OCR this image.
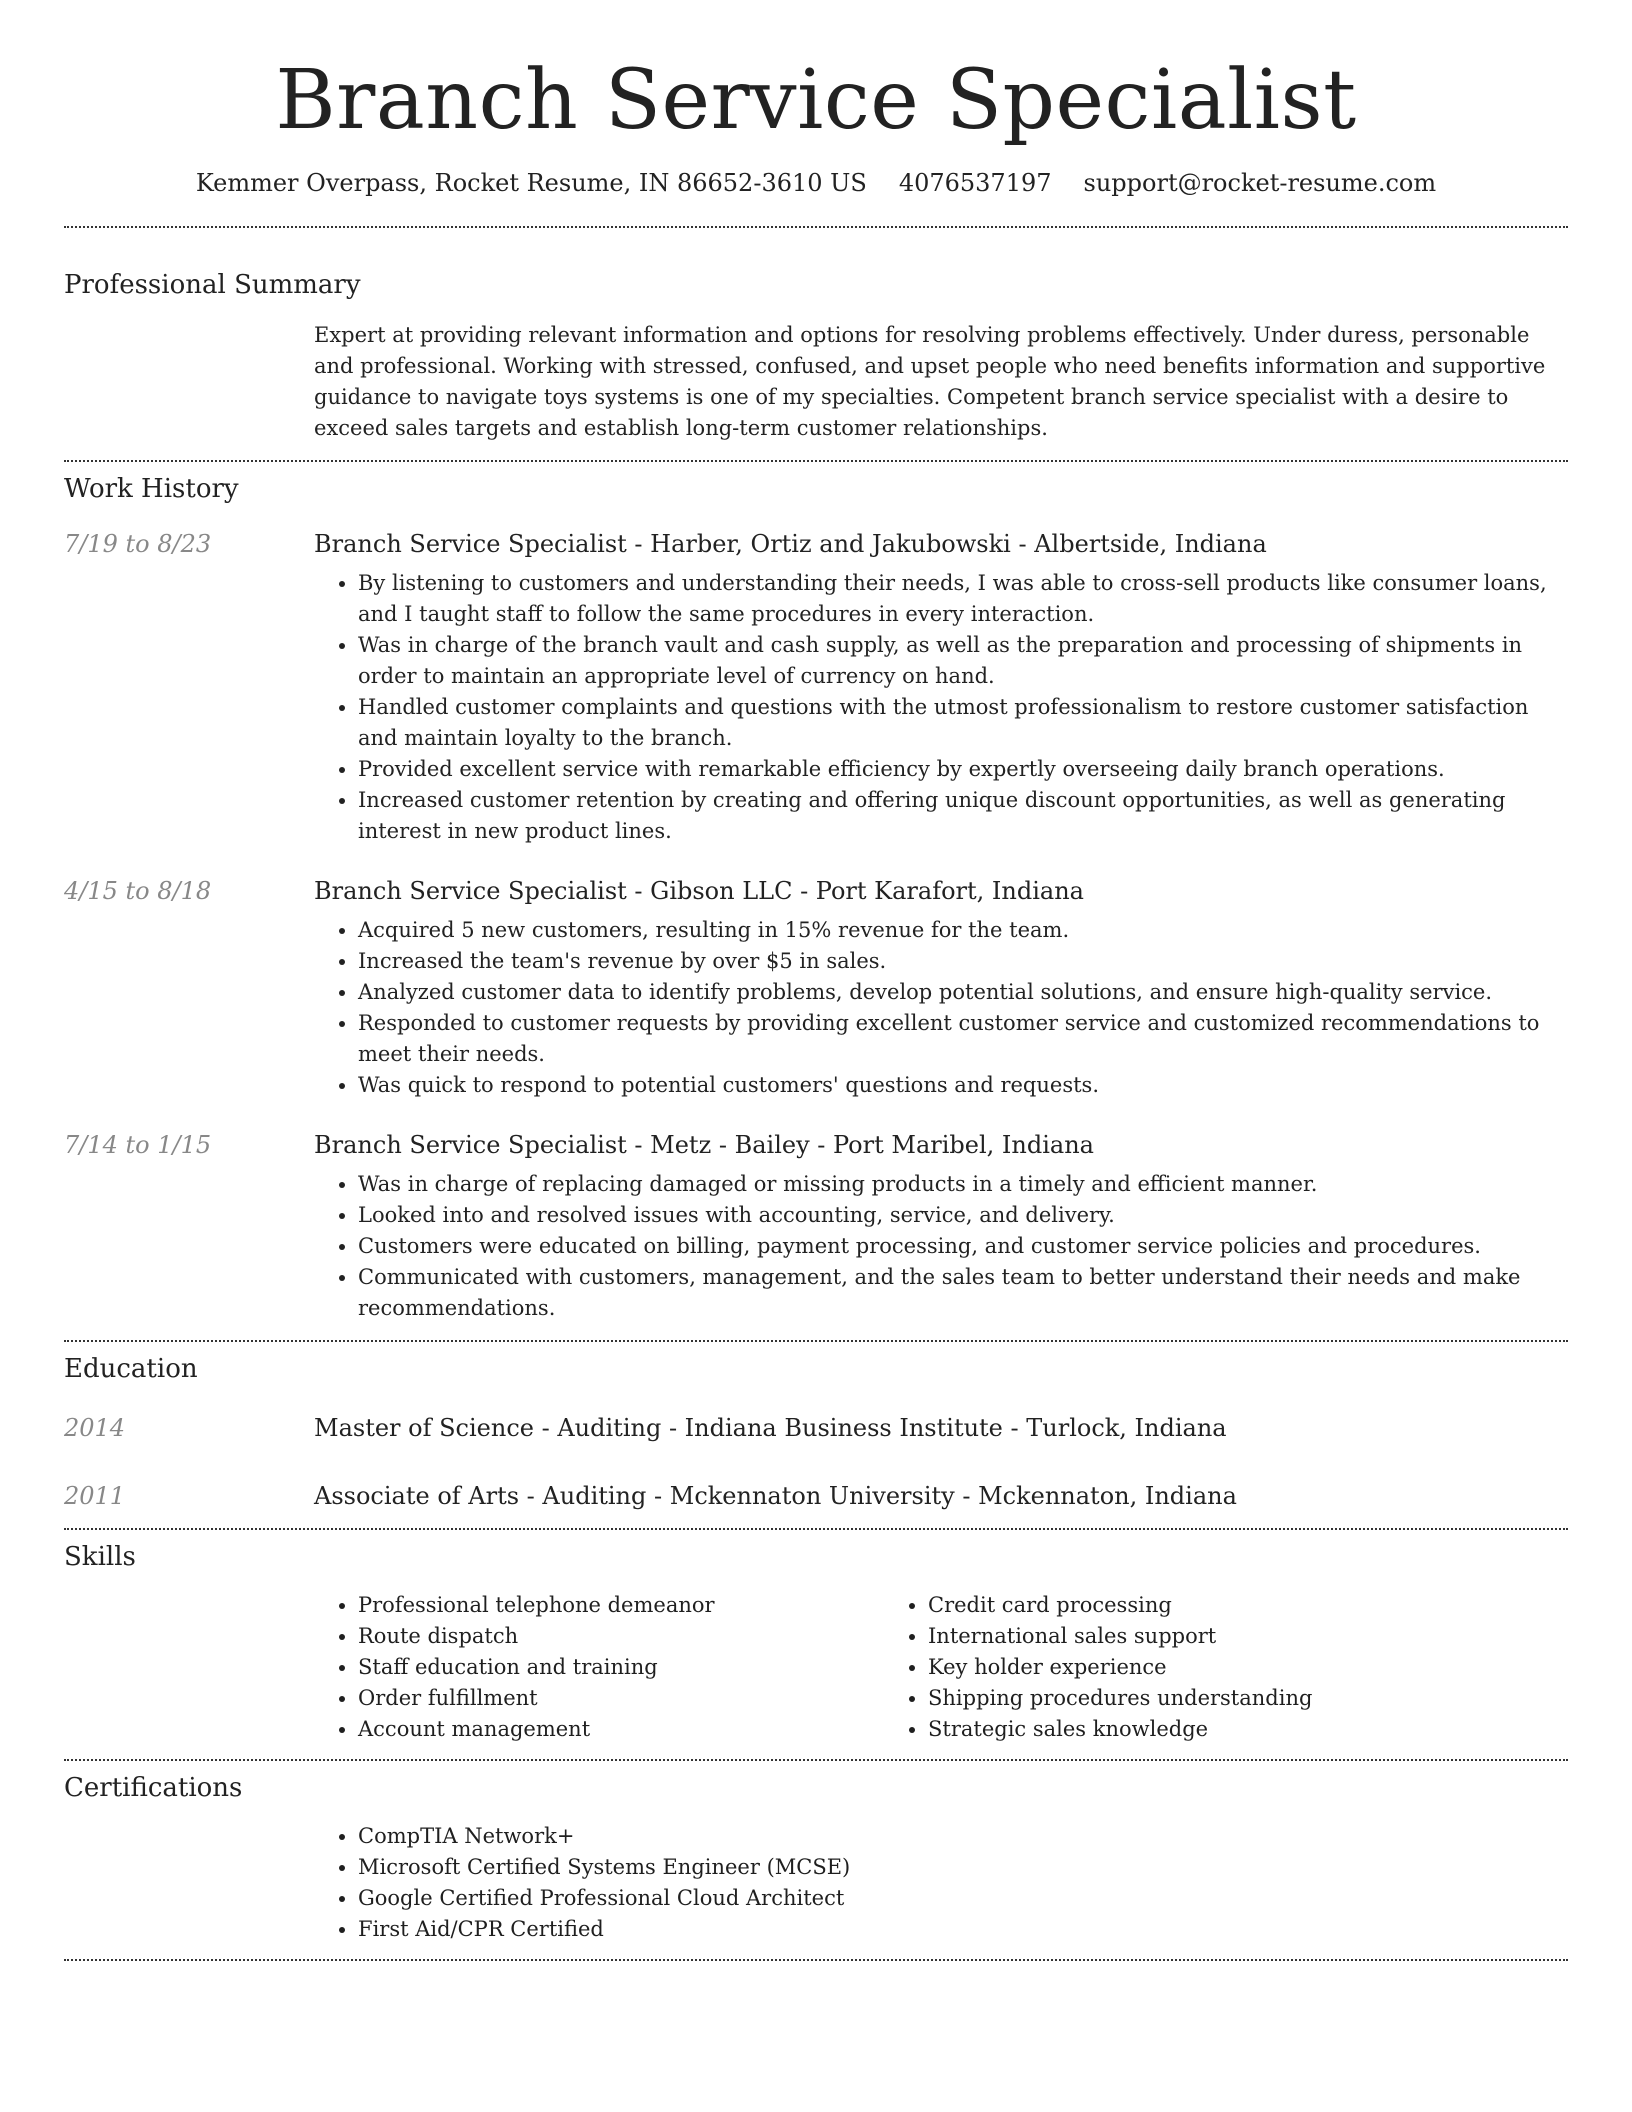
Branch Service Specialist
Kemmer Overpass, Rocket Resume, IN 86652-3610 US 4076537197 support@rocket-resume.com
Professional Summary

Expert at providing relevant information and options for resolving problems effectively. Under duress, personable and professional. Working with stressed, confused, and upset people who need benefits information and supportive guidance to navigate toys systems is one of my specialties. Competent branch service specialist with a desire to exceed sales targets and establish long-term customer relationships.

Work History
7/19 to 8/23	Branch Service Specialist - Harber, Ortiz and Jakubowski - Albertside, Indiana
• By listening to customers and understanding their needs, I was able to cross-sell products like consumer loans, and I taught staff to follow the same procedures in every interaction.
• Was in charge of the branch vault and cash supply, as well as the preparation and processing of shipments in order to maintain an appropriate level of currency on hand.
• Handled customer complaints and questions with the utmost professionalism to restore customer satisfaction and maintain loyalty to the branch.
• Provided excellent service with remarkable efficiency by expertly overseeing daily branch operations.
• Increased customer retention by creating and offering unique discount opportunities, as well as generating interest in new product lines.
4/15 to 8/18	Branch Service Specialist - Gibson LLC - Port Karafort, Indiana
• Acquired 5 new customers, resulting in 15% revenue for the team.
• Increased the team's revenue by over $5 in sales.
• Analyzed customer data to identify problems, develop potential solutions, and ensure high-quality service.
• Responded to customer requests by providing excellent customer service and customized recommendations to meet their needs.
• Was quick to respond to potential customers' questions and requests.
7/14 to 1/15	Branch Service Specialist - Metz - Bailey - Port Maribel, Indiana
• Was in charge of replacing damaged or missing products in a timely and efficient manner.
• Looked into and resolved issues with accounting, service, and delivery.
• Customers were educated on billing, payment processing, and customer service policies and procedures.
• Communicated with customers, management, and the sales team to better understand their needs and make recommendations.
Education
2014	Master of Science - Auditing - Indiana Business Institute - Turlock, Indiana
2011	Associate of Arts - Auditing - Mckennaton University - Mckennaton, Indiana
Skills
• Professional telephone demeanor
• Route dispatch
• Staff education and training
• Order fulfillment
• Account management
• Credit card processing
• International sales support
• Key holder experience
• Shipping procedures understanding
• Strategic sales knowledge
Certifications
• CompTIA Network+
• Microsoft Certified Systems Engineer (MCSE)
• Google Certified Professional Cloud Architect
• First Aid/CPR Certified
